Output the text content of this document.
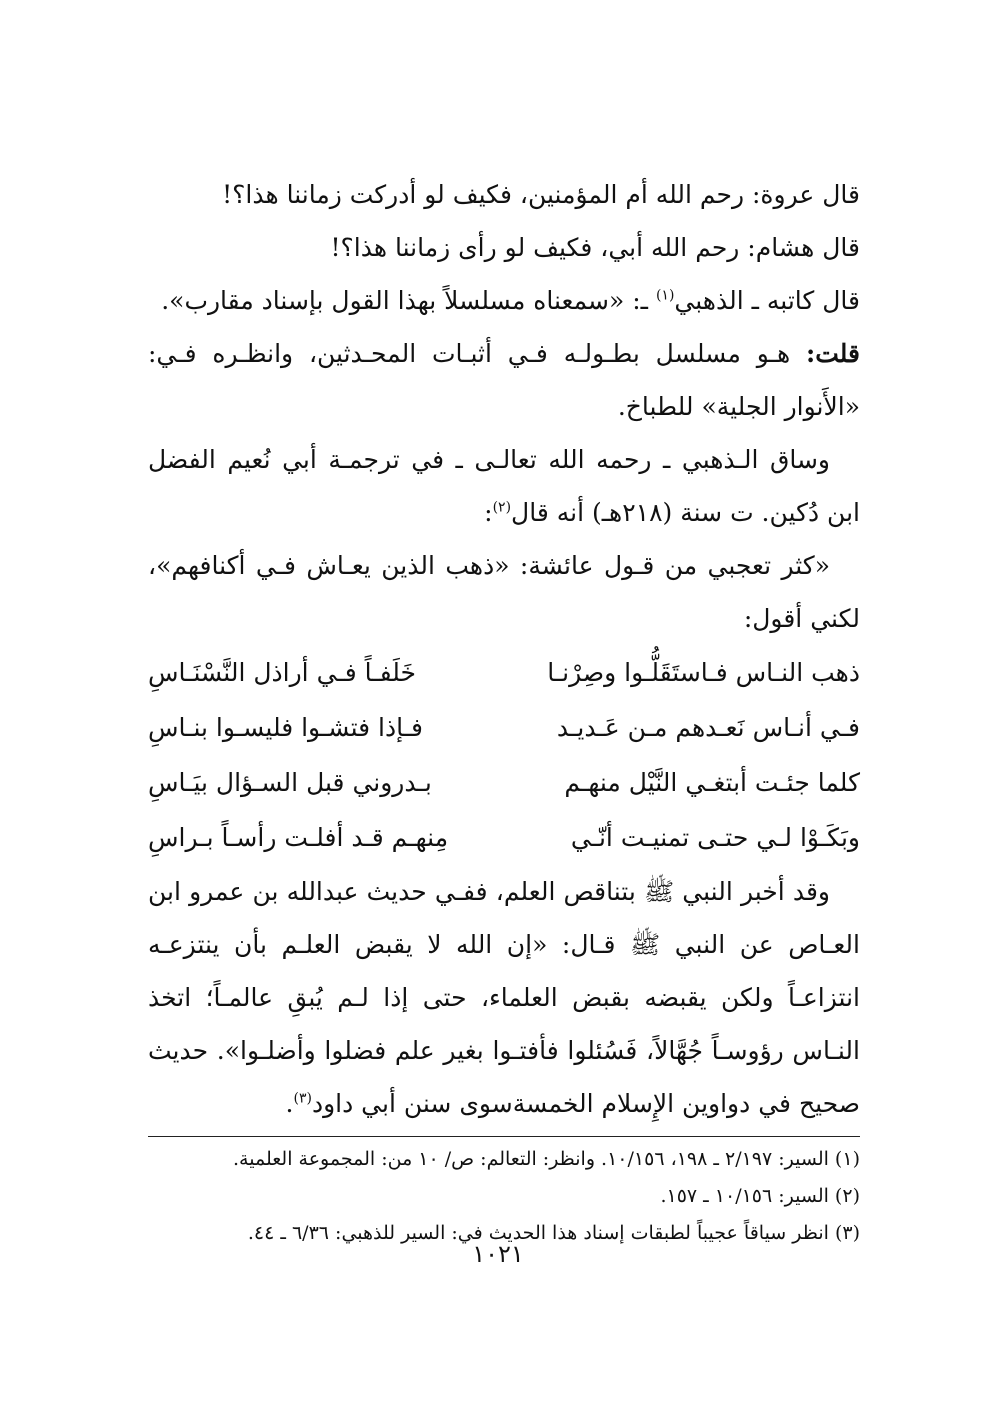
قال عروة: رحم الله أم المؤمنين، فكيف لو أدركت زماننا هذا؟!
قال هشام: رحم الله أبي، فكيف لو رأى زماننا هذا؟!
قال كاتبه ـ الذهبي$^{(١)}$ ـ: «سمعناه مسلسلاً بهذا القول بإسناد مقارب».
قلت: هـو مسلسل بطـولـه فـي أثبـات المحـدثين، وانظـره فـي: «الأَنوار الجلية» للطباخ.
وساق الـذهبي ـ رحمه الله تعالـى ـ في ترجمـة أبي نُعيم الفضل ابن دُكين. ت سنة (٢١٨هـ) أنه قال$^{(٢)}$:
«كثر تعجبي من قـول عائشة: «ذهب الذين يعـاش فـي أكنافهم»، لكني أقول:
ذهب النـاس فـاستَقَلُّـوا وصِرْنـا
خَلَفـاً فـي أراذل النَّسْنَـاسِ
فـي أنـاس نَعـدهم مـن عَـديـد
فـإذا فتشـوا فليسـوا بنـاسِ
كلما جئـت أبتغـي النَّيْل منهـم
بـدروني قبل السـؤال بيَـاسِ
وبَكَـوْا لـي حتـى تمنيـت أنّـي
مِنهـم قـد أفلـت رأسـاً بـراسِ
وقد أخبر النبي ﷺ بتناقص العلم، ففـي حديث عبدالله بن عمرو ابن العـاص عن النبي ﷺ قـال: «إن الله لا يقبض العلـم بأن ينتزعـه انتزاعـاً ولكن يقبضه بقبض العلماء، حتى إذا لـم يُبقِ عالمـاً؛ اتخذ النـاس رؤوسـاً جُهَّالاً، فَسُئلوا فأفتـوا بغير علم فضلوا وأضلـوا». حديث صحيح في دواوين الإِسلام الخمسةسوى سنن أبي داود$^{(٣)}$.
(١) السير: ٢/١٩٧ ـ ١٩٨، ١٠/١٥٦. وانظر: التعالم: ص/ ١٠ من: المجموعة العلمية.
(٢) السير: ١٠/١٥٦ ـ ١٥٧.
(٣) انظر سياقاً عجيباً لطبقات إسناد هذا الحديث في: السير للذهبي: ٦/٣٦ ـ ٤٤.
١٠٢١
